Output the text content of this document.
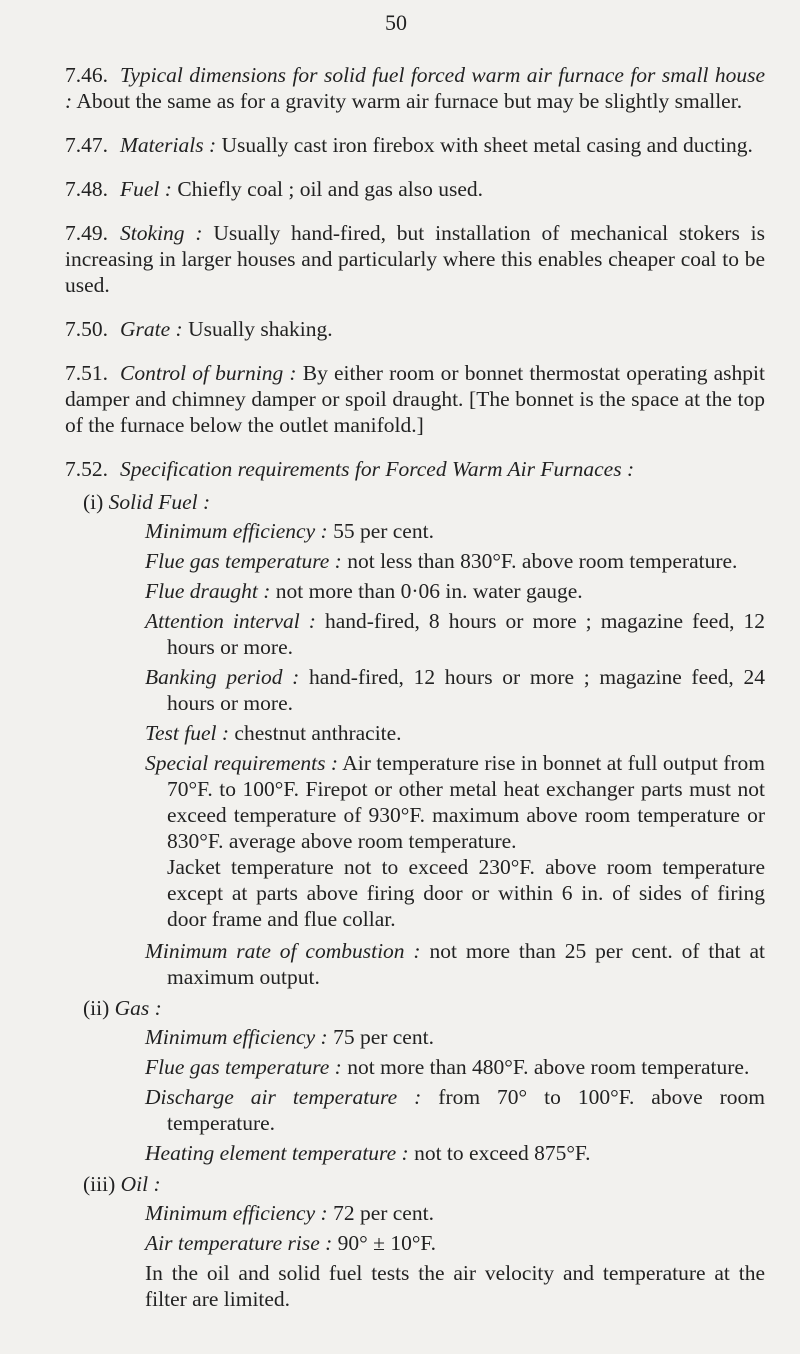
50

7.46. Typical dimensions for solid fuel forced warm air furnace for small house : About the same as for a gravity warm air furnace but may be slightly smaller.

7.47. Materials : Usually cast iron firebox with sheet metal casing and ducting.

7.48. Fuel : Chiefly coal ; oil and gas also used.

7.49. Stoking : Usually hand-fired, but installation of mechanical stokers is increasing in larger houses and particularly where this enables cheaper coal to be used.

7.50. Grate : Usually shaking.

7.51. Control of burning : By either room or bonnet thermostat operating ashpit damper and chimney damper or spoil draught. [The bonnet is the space at the top of the furnace below the outlet manifold.]

7.52. Specification requirements for Forced Warm Air Furnaces :

(i) Solid Fuel :
Minimum efficiency : 55 per cent.
Flue gas temperature : not less than 830°F. above room temperature.
Flue draught : not more than 0·06 in. water gauge.
Attention interval : hand-fired, 8 hours or more ; magazine feed, 12 hours or more.
Banking period : hand-fired, 12 hours or more ; magazine feed, 24 hours or more.
Test fuel : chestnut anthracite.
Special requirements : Air temperature rise in bonnet at full output from 70°F. to 100°F. Firepot or other metal heat exchanger parts must not exceed temperature of 930°F. maximum above room temperature or 830°F. average above room temperature.
Jacket temperature not to exceed 230°F. above room temperature except at parts above firing door or within 6 in. of sides of firing door frame and flue collar.
Minimum rate of combustion : not more than 25 per cent. of that at maximum output.
(ii) Gas :
Minimum efficiency : 75 per cent.
Flue gas temperature : not more than 480°F. above room temperature.
Discharge air temperature : from 70° to 100°F. above room temperature.
Heating element temperature : not to exceed 875°F.
(iii) Oil :
Minimum efficiency : 72 per cent.
Air temperature rise : 90° ± 10°F.
In the oil and solid fuel tests the air velocity and temperature at the filter are limited.
